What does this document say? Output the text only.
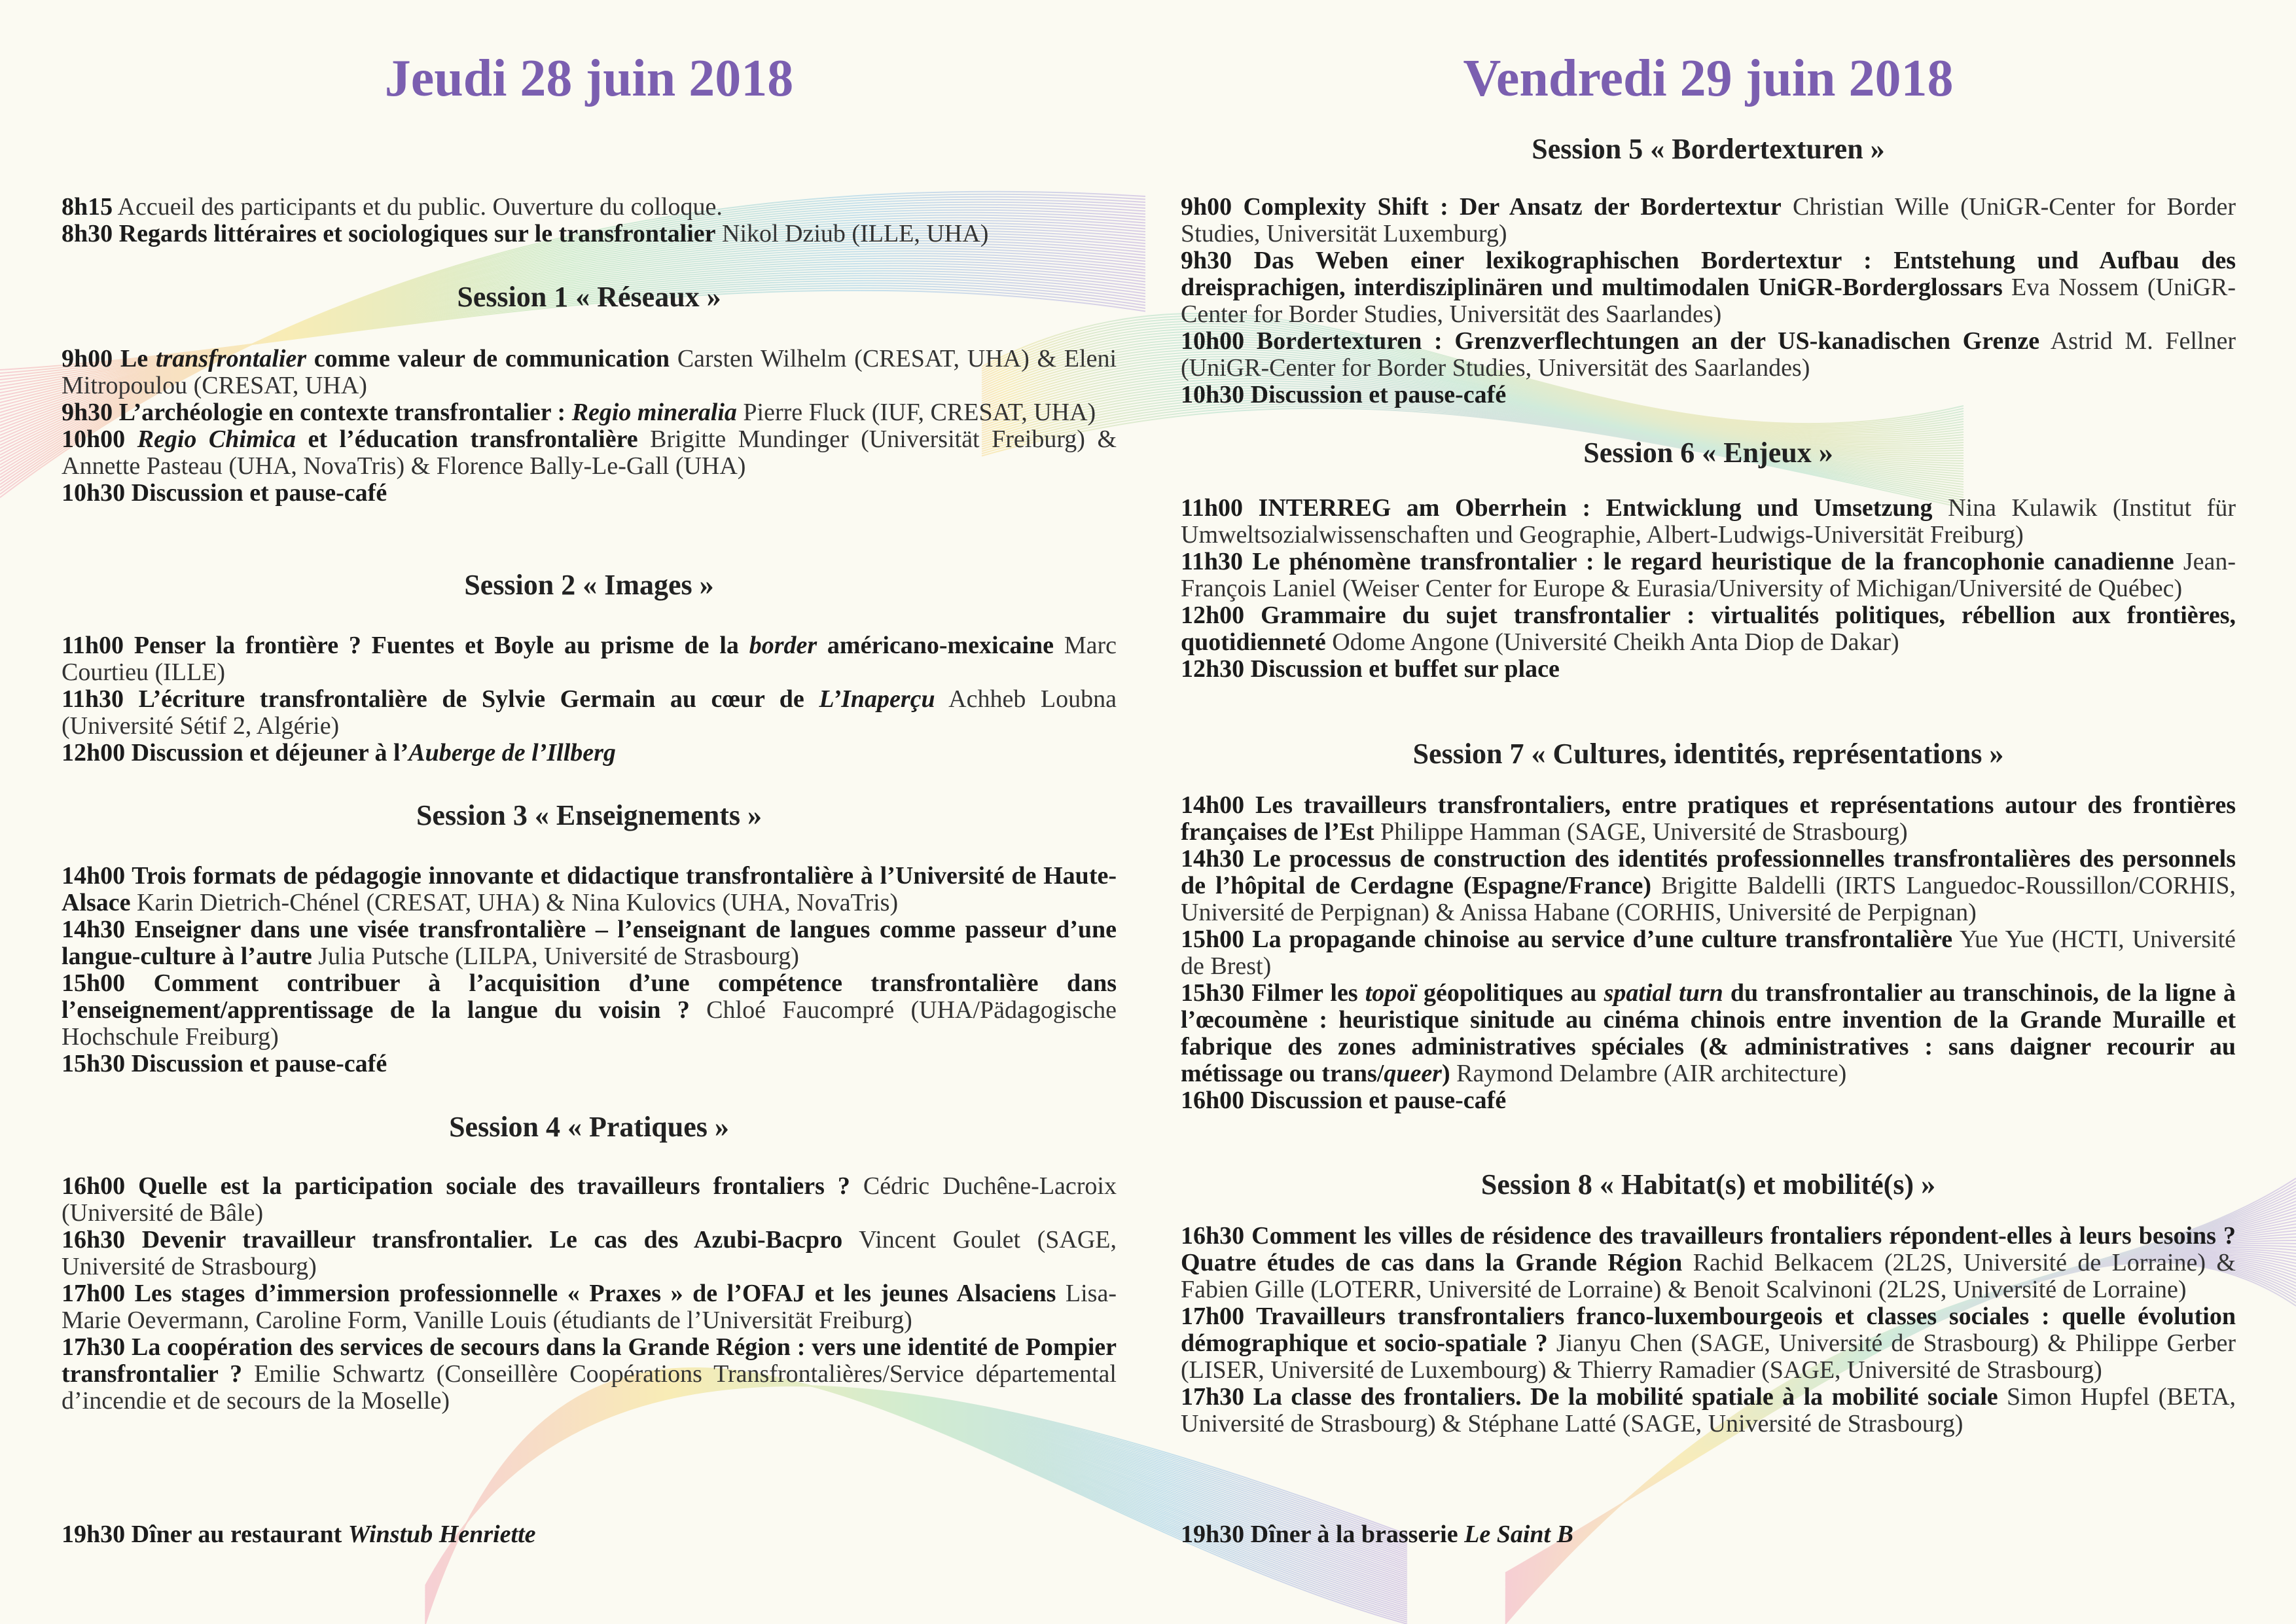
Jeudi 28 juin 2018
8h15 Accueil des participants et du public. Ouverture du colloque.
8h30 Regards littéraires et sociologiques sur le transfrontalier Nikol Dziub (ILLE, UHA)
Session 1 « Réseaux »
9h00 Le transfrontalier comme valeur de communication Carsten Wilhelm (CRESAT, UHA) & Eleni Mitropoulou (CRESAT, UHA)
9h30 L’archéologie en contexte transfrontalier : Regio mineralia Pierre Fluck (IUF, CRESAT, UHA)
10h00 Regio Chimica et l’éducation transfrontalière Brigitte Mundinger (Universität Freiburg) & Annette Pasteau (UHA, NovaTris) & Florence Bally-Le-Gall (UHA)
10h30 Discussion et pause-café
Session 2 « Images »
11h00 Penser la frontière ? Fuentes et Boyle au prisme de la border américano-mexicaine Marc Courtieu (ILLE)
11h30 L’écriture transfrontalière de Sylvie Germain au cœur de L’Inaperçu Achheb Loubna (Université Sétif 2, Algérie)
12h00 Discussion et déjeuner à l’Auberge de l’Illberg
Session 3 « Enseignements »
14h00 Trois formats de pédagogie innovante et didactique transfrontalière à l’Université de Haute-Alsace Karin Dietrich-Chénel (CRESAT, UHA) & Nina Kulovics (UHA, NovaTris)
14h30 Enseigner dans une visée transfrontalière – l’enseignant de langues comme passeur d’une langue-culture à l’autre Julia Putsche (LILPA, Université de Strasbourg)
15h00 Comment contribuer à l’acquisition d’une compétence transfrontalière dans l’enseignement/apprentissage de la langue du voisin ? Chloé Faucompré (UHA/Pädagogische Hochschule Freiburg)
15h30 Discussion et pause-café
Session 4 « Pratiques »
16h00 Quelle est la participation sociale des travailleurs frontaliers ? Cédric Duchêne-Lacroix (Université de Bâle)
16h30 Devenir travailleur transfrontalier. Le cas des Azubi-Bacpro Vincent Goulet (SAGE, Université de Strasbourg)
17h00 Les stages d’immersion professionnelle « Praxes » de l’OFAJ et les jeunes Alsaciens Lisa-Marie Oevermann, Caroline Form, Vanille Louis (étudiants de l’Universität Freiburg)
17h30 La coopération des services de secours dans la Grande Région : vers une identité de Pompier transfrontalier ? Emilie Schwartz (Conseillère Coopérations Transfrontalières/Service départemental d’incendie et de secours de la Moselle)
19h30 Dîner au restaurant Winstub Henriette
Vendredi 29 juin 2018
Session 5 « Bordertexturen »
9h00 Complexity Shift : Der Ansatz der Bordertextur Christian Wille (UniGR-Center for Border Studies, Universität Luxemburg)
9h30 Das Weben einer lexikographischen Bordertextur : Entstehung und Aufbau des dreisprachigen, interdisziplinären und multimodalen UniGR-Borderglossars Eva Nossem (UniGR-Center for Border Studies, Universität des Saarlandes)
10h00 Bordertexturen : Grenzverflechtungen an der US-kanadischen Grenze Astrid M. Fellner (UniGR-Center for Border Studies, Universität des Saarlandes)
10h30 Discussion et pause-café
Session 6 « Enjeux »
11h00 INTERREG am Oberrhein : Entwicklung und Umsetzung Nina Kulawik (Institut für Umweltsozialwissenschaften und Geographie, Albert-Ludwigs-Universität Freiburg)
11h30 Le phénomène transfrontalier : le regard heuristique de la francophonie canadienne Jean-François Laniel (Weiser Center for Europe & Eurasia/University of Michigan/Université de Québec)
12h00 Grammaire du sujet transfrontalier : virtualités politiques, rébellion aux frontières, quotidienneté Odome Angone (Université Cheikh Anta Diop de Dakar)
12h30 Discussion et buffet sur place
Session 7 « Cultures, identités, représentations »
14h00 Les travailleurs transfrontaliers, entre pratiques et représentations autour des frontières françaises de l’Est Philippe Hamman (SAGE, Université de Strasbourg)
14h30 Le processus de construction des identités professionnelles transfrontalières des personnels de l’hôpital de Cerdagne (Espagne/France) Brigitte Baldelli (IRTS Languedoc-Roussillon/CORHIS, Université de Perpignan) & Anissa Habane (CORHIS, Université de Perpignan)
15h00 La propagande chinoise au service d’une culture transfrontalière Yue Yue (HCTI, Université de Brest)
15h30 Filmer les topoï géopolitiques au spatial turn du transfrontalier au transchinois, de la ligne à l’œcoumène : heuristique sinitude au cinéma chinois entre invention de la Grande Muraille et fabrique des zones administratives spéciales (& administratives : sans daigner recourir au métissage ou trans/queer) Raymond Delambre (AIR architecture)
16h00 Discussion et pause-café
Session 8 « Habitat(s) et mobilité(s) »
16h30 Comment les villes de résidence des travailleurs frontaliers répondent-elles à leurs besoins ? Quatre études de cas dans la Grande Région Rachid Belkacem (2L2S, Université de Lorraine) & Fabien Gille (LOTERR, Université de Lorraine) & Benoit Scalvinoni (2L2S, Université de Lorraine)
17h00 Travailleurs transfrontaliers franco-luxembourgeois et classes sociales : quelle évolution démographique et socio-spatiale ? Jianyu Chen (SAGE, Université de Strasbourg) & Philippe Gerber (LISER, Université de Luxembourg) & Thierry Ramadier (SAGE, Université de Strasbourg)
17h30 La classe des frontaliers. De la mobilité spatiale à la mobilité sociale Simon Hupfel (BETA, Université de Strasbourg) & Stéphane Latté (SAGE, Université de Strasbourg)
19h30 Dîner à la brasserie Le Saint B
